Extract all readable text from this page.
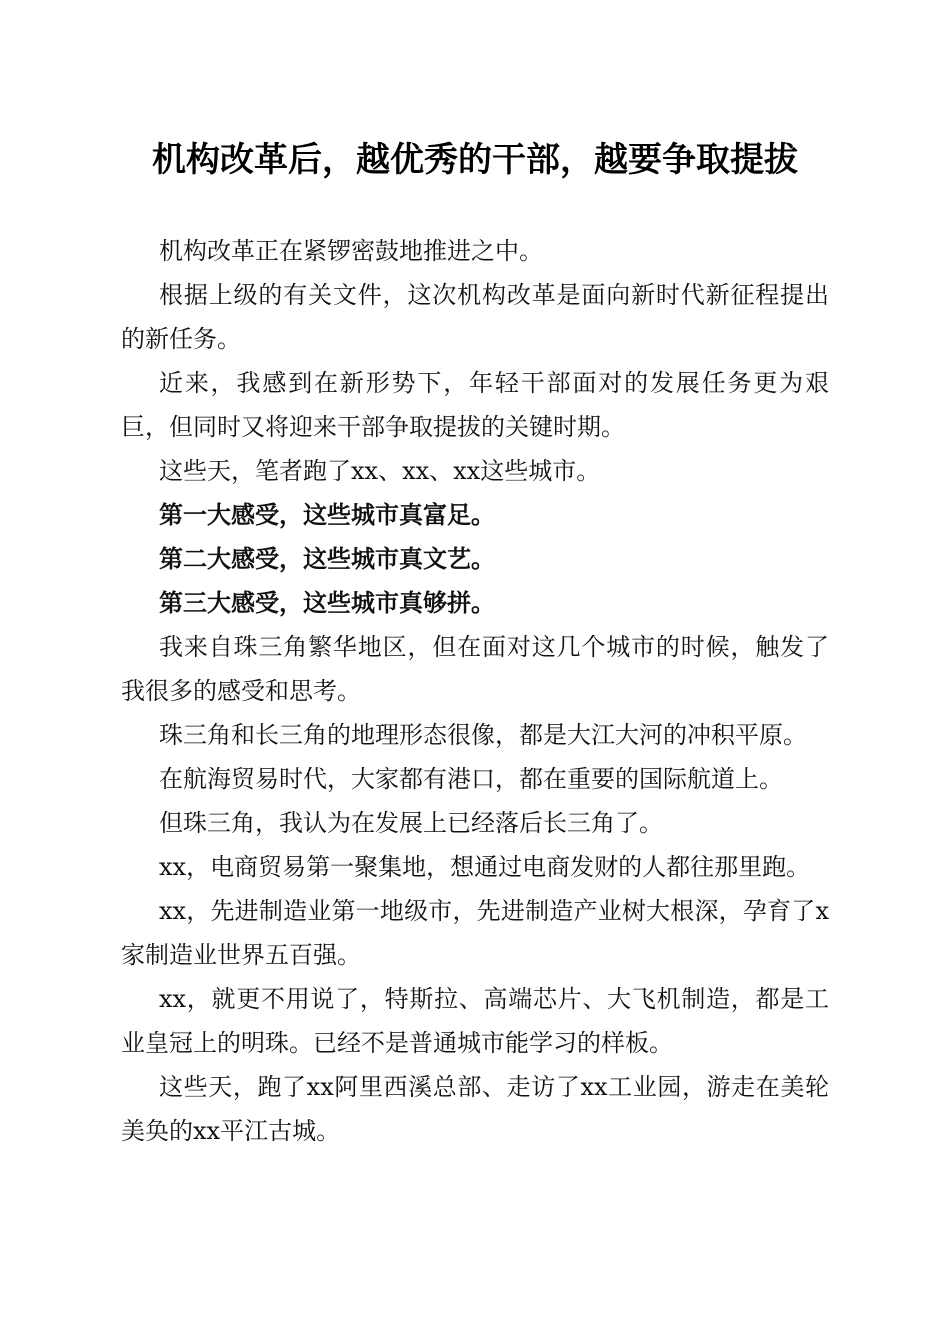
机构改革后，越优秀的干部，越要争取提拔

机构改革正在紧锣密鼓地推进之中。

根据上级的有关文件，这次机构改革是面向新时代新征程提出的新任务。

近来，我感到在新形势下，年轻干部面对的发展任务更为艰巨，但同时又将迎来干部争取提拔的关键时期。

这些天，笔者跑了xx、xx、xx这些城市。

第一大感受，这些城市真富足。

第二大感受，这些城市真文艺。

第三大感受，这些城市真够拼。

我来自珠三角繁华地区，但在面对这几个城市的时候，触发了我很多的感受和思考。

珠三角和长三角的地理形态很像，都是大江大河的冲积平原。

在航海贸易时代，大家都有港口，都在重要的国际航道上。

但珠三角，我认为在发展上已经落后长三角了。

xx，电商贸易第一聚集地，想通过电商发财的人都往那里跑。

xx，先进制造业第一地级市，先进制造产业树大根深，孕育了x家制造业世界五百强。

xx，就更不用说了，特斯拉、高端芯片、大飞机制造，都是工业皇冠上的明珠。已经不是普通城市能学习的样板。

这些天，跑了xx阿里西溪总部、走访了xx工业园，游走在美轮美奂的xx平江古城。
